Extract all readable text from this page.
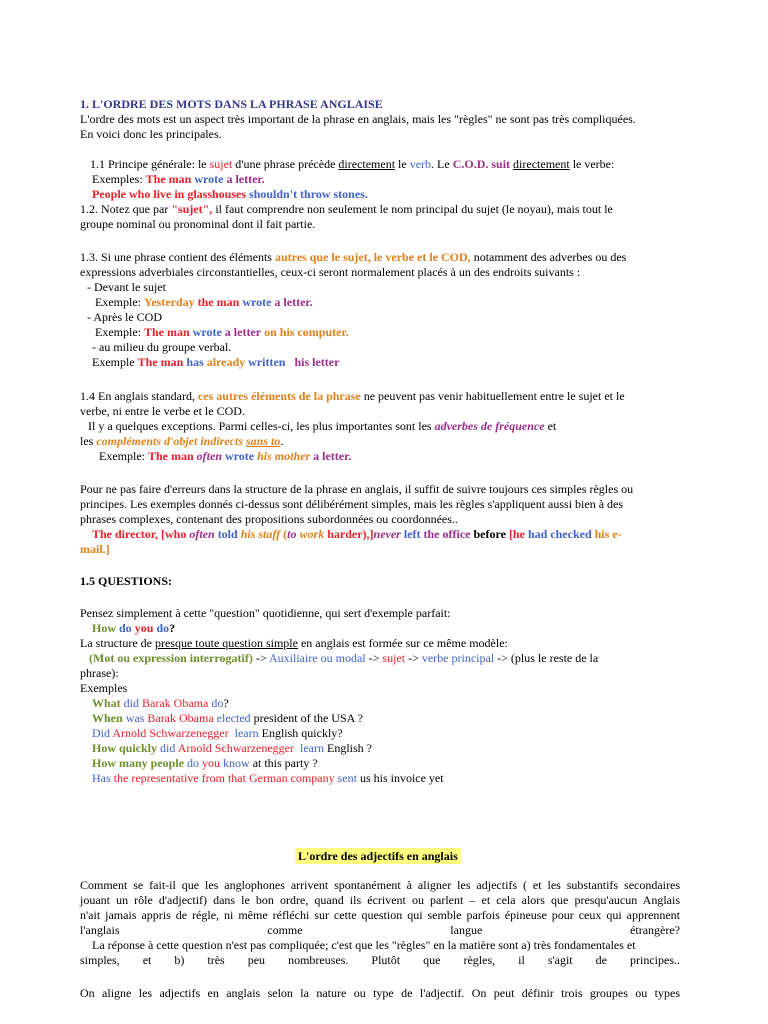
1. L'ORDRE DES MOTS DANS LA PHRASE ANGLAISE
L'ordre des mots est un aspect très important de la phrase en anglais, mais les "règles" ne sont pas très compliquées.
En voici donc les principales.
1.1 Principe générale: le sujet d'une phrase précède directement le verb. Le C.O.D. suit directement le verbe:
Exemples: The man wrote a letter.
People who live in glasshouses shouldn't throw stones.
1.2. Notez que par "sujet", il faut comprendre non seulement le nom principal du sujet (le noyau), mais tout le
groupe nominal ou pronominal dont il fait partie.
1.3. Si une phrase contient des éléments autres que le sujet, le verbe et le COD, notamment des adverbes ou des
expressions adverbiales circonstantielles, ceux-ci seront normalement placés à un des endroits suivants :
- Devant le sujet
Exemple: Yesterday the man wrote a letter.
- Après le COD
Exemple: The man wrote a letter on his computer.
- au milieu du groupe verbal.
Exemple The man has already written his letter
1.4 En anglais standard, ces autres éléments de la phrase ne peuvent pas venir habituellement entre le sujet et le
verbe, ni entre le verbe et le COD.
Il y a quelques exceptions. Parmi celles-ci, les plus importantes sont les adverbes de fréquence et
les compléments d'objet indirects sans to.
Exemple: The man often wrote his mother a letter.
Pour ne pas faire d'erreurs dans la structure de la phrase en anglais, il suffit de suivre toujours ces simples règles ou
principes. Les exemples donnés ci-dessus sont délibérément simples, mais les règles s'appliquent aussi bien à des
phrases complexes, contenant des propositions subordonnées ou coordonnées..
The director, [who often told his staff (to work harder),]never left the office before [he had checked his e-
mail.]
1.5 QUESTIONS:
Pensez simplement à cette "question" quotidienne, qui sert d'exemple parfait:
How do you do?
La structure de presque toute question simple en anglais est formée sur ce même modèle:
(Mot ou expression interrogatif) -> Auxiliaire ou modal -> sujet -> verbe principal -> (plus le reste de la
phrase):
Exemples
What did Barak Obama do?
When was Barak Obama elected president of the USA ?
Did Arnold Schwarzenegger learn English quickly?
How quickly did Arnold Schwarzenegger learn English ?
How many people do you know at this party ?
Has the representative from that German company sent us his invoice yet
L'ordre des adjectifs en anglais
Comment se fait-il que les anglophones arrivent spontanément à aligner les adjectifs ( et les substantifs secondaires
jouant un rôle d'adjectif) dans le bon ordre, quand ils écrivent ou parlent – et cela alors que presqu'aucun Anglais
n'ait jamais appris de régle, ni même réfléchi sur cette question qui semble parfois épineuse pour ceux qui apprennent
l'anglais comme langue étrangère?
La réponse à cette question n'est pas compliquée; c'est que les "règles" en la matière sont a) très fondamentales et
simples, et b) très peu nombreuses. Plutôt que règles, il s'agit de principes..
On aligne les adjectifs en anglais selon la nature ou type de l'adjectif. On peut définir trois groupes ou types
